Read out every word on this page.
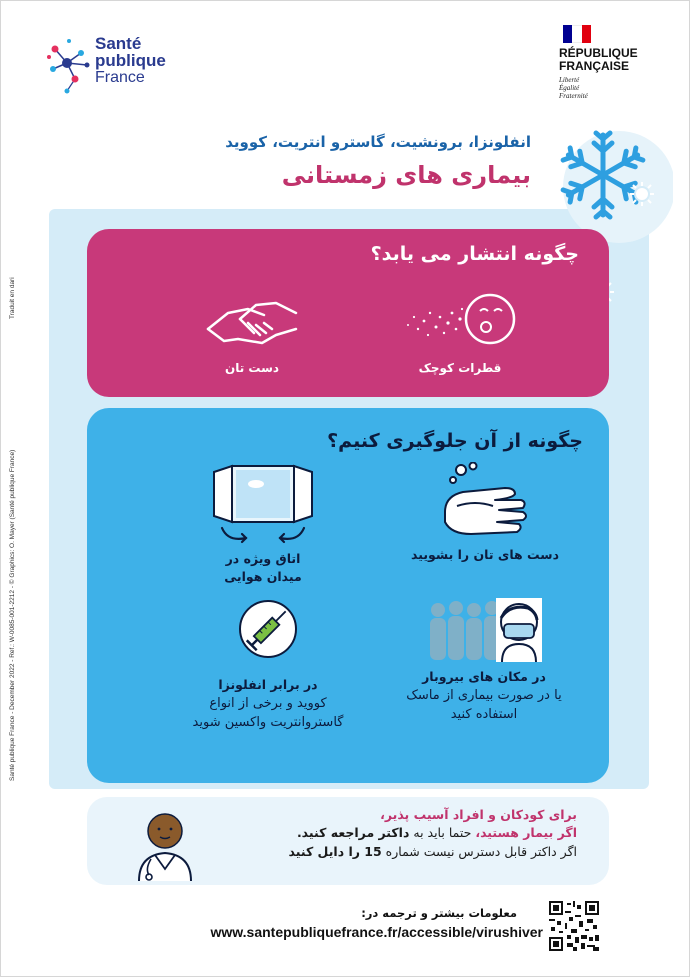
Santé
publique
France
RÉPUBLIQUE
FRANÇAISE
Liberté
Égalité
Fraternité
Santé publique France - December 2022 - Ref.: W-0085-001-2212 - © Graphics: O. Mayer (Santé publique France)
Traduit en dari
انفلونزا، برونشیت، گاسترو انتریت، کووید
بیماری های زمستانی
چگونه انتشار می یابد؟
قطرات کوچک
دست تان
چگونه از آن جلوگیری کنیم؟
دست های تان را بشویید
اتاق ویژه در
میدان هوایی
در مکان های بیروبار
یا در صورت بیماری از ماسک
استفاده کنید
در برابر انفلونزا
کووید و برخی از انواع
گاستروانتریت واکسین شوید
برای کودکان و افراد آسیب پذیر،
اگر بیمار هستید، حتما باید به داکتر مراجعه کنید.
اگر داکتر قابل دسترس نیست شماره 15 را دایل کنید
معلومات بیشتر و ترجمه در:
www.santepubliquefrance.fr/accessible/virushiver
